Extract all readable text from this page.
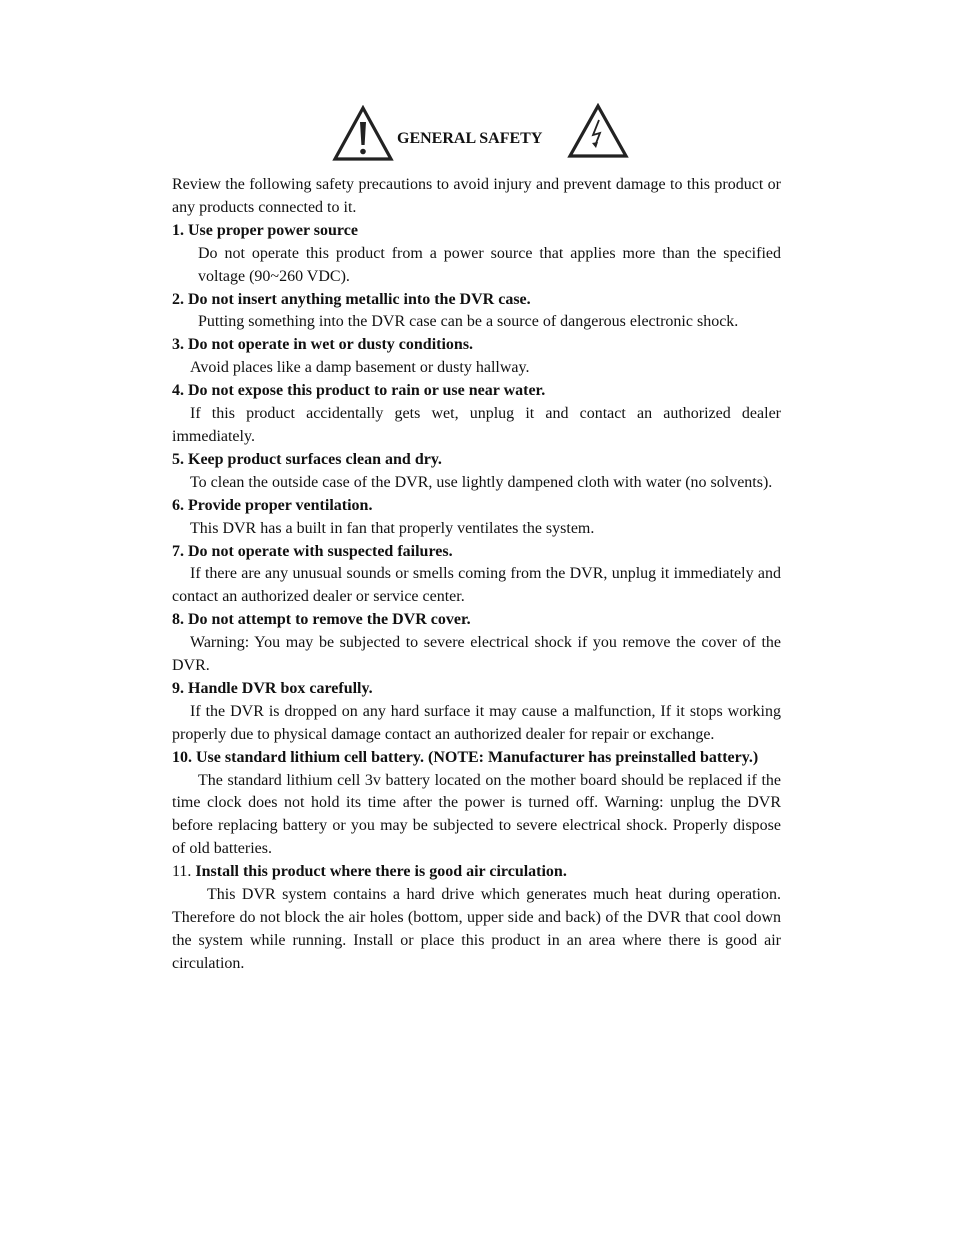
GENERAL SAFETY

Review the following safety precautions to avoid injury and prevent damage to this product or any products connected to it.

1. Use proper power source

Do not operate this product from a power source that applies more than the specified voltage (90~260 VDC).

2. Do not insert anything metallic into the DVR case.

Putting something into the DVR case can be a source of dangerous electronic shock.

3. Do not operate in wet or dusty conditions.

Avoid places like a damp basement or dusty hallway.

4. Do not expose this product to rain or use near water.

If this product accidentally gets wet, unplug it and contact an authorized dealer immediately.

5. Keep product surfaces clean and dry.

To clean the outside case of the DVR, use lightly dampened cloth with water (no solvents).

6. Provide proper ventilation.

This DVR has a built in fan that properly ventilates the system.

7. Do not operate with suspected failures.

If there are any unusual sounds or smells coming from the DVR, unplug it immediately and contact an authorized dealer or service center.

8. Do not attempt to remove the DVR cover.

Warning: You may be subjected to severe electrical shock if you remove the cover of the DVR.

9. Handle DVR box carefully.

If the DVR is dropped on any hard surface it may cause a malfunction, If it stops working properly due to physical damage contact an authorized dealer for repair or exchange.

10. Use standard lithium cell battery. (NOTE: Manufacturer has preinstalled battery.)

The standard lithium cell 3v battery located on the mother board should be replaced if the time clock does not hold its time after the power is turned off. Warning: unplug the DVR before replacing battery or you may be subjected to severe electrical shock. Properly dispose of old batteries.

11. Install this product where there is good air circulation.

This DVR system contains a hard drive which generates much heat during operation. Therefore do not block the air holes (bottom, upper side and back) of the DVR that cool down the system while running. Install or place this product in an area where there is good air circulation.
